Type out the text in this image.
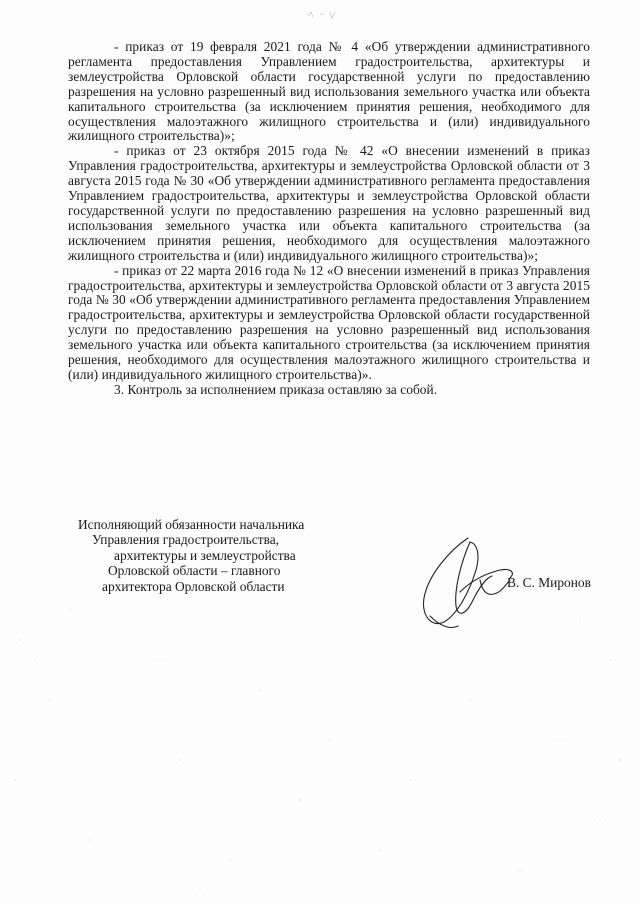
- приказ от 19 февраля 2021 года № 4 «Об утверждении административного регламента предоставления Управлением градостроительства, архитектуры и землеустройства Орловской области государственной услуги по предоставлению разрешения на условно разрешенный вид использования земельного участка или объекта капитального строительства (за исключением принятия решения, необходимого для осуществления малоэтажного жилищного строительства и (или) индивидуального жилищного строительства)»;

- приказ от 23 октября 2015 года № 42 «О внесении изменений в приказ Управления градостроительства, архитектуры и землеустройства Орловской области от 3 августа 2015 года № 30 «Об утверждении административного регламента предоставления Управлением градостроительства, архитектуры и землеустройства Орловской области государственной услуги по предоставлению разрешения на условно разрешенный вид использования земельного участка или объекта капитального строительства (за исключением принятия решения, необходимого для осуществления малоэтажного жилищного строительства и (или) индивидуального жилищного строительства)»;

- приказ от 22 марта 2016 года № 12 «О внесении изменений в приказ Управления градостроительства, архитектуры и землеустройства Орловской области от 3 августа 2015 года № 30 «Об утверждении административного регламента предоставления Управлением градостроительства, архитектуры и землеустройства Орловской области государственной услуги по предоставлению разрешения на условно разрешенный вид использования земельного участка или объекта капитального строительства (за исключением принятия решения, необходимого для осуществления малоэтажного жилищного строительства и (или) индивидуального жилищного строительства)».

3. Контроль за исполнением приказа оставляю за собой.

Исполняющий обязанности начальника
Управления градостроительства,
архитектуры и землеустройства
Орловской области – главного
архитектора Орловской области	В. С. Миронов
